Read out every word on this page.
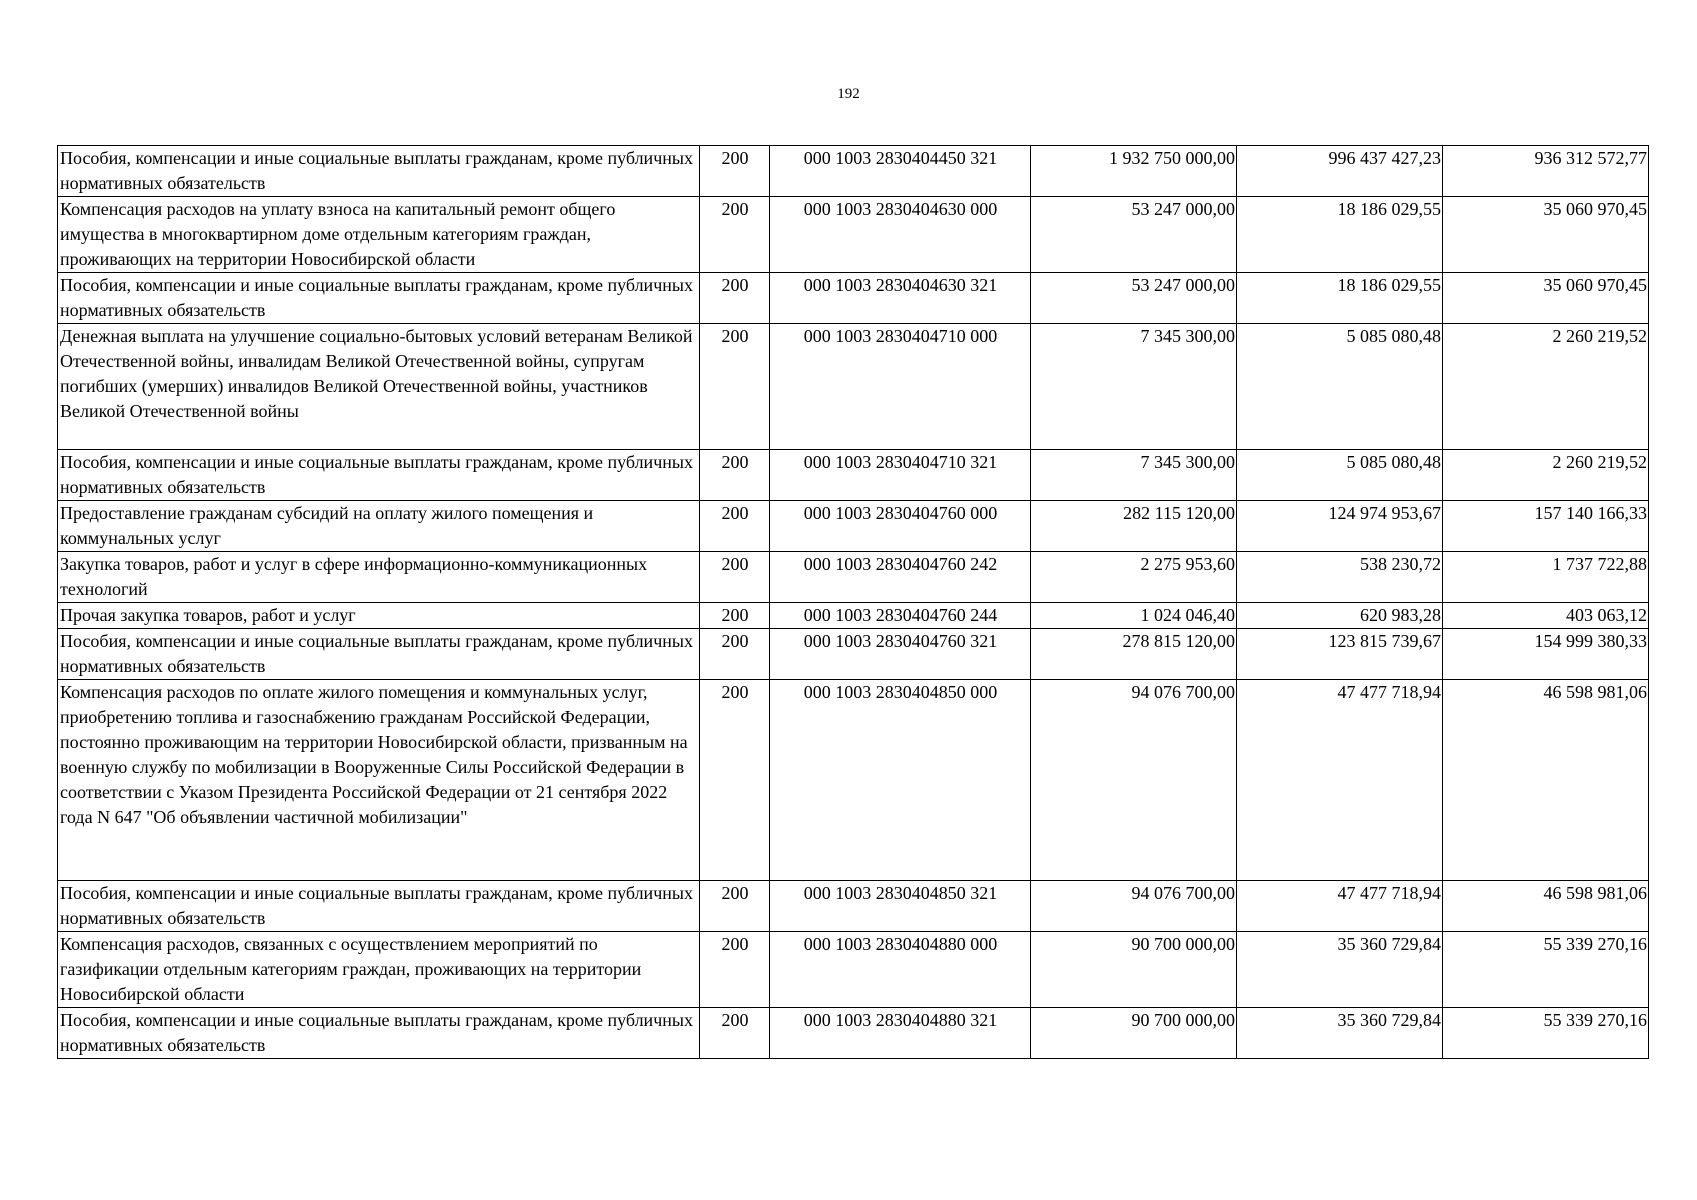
192
Пособия, компенсации и иные социальные выплаты гражданам, кроме публичных нормативных обязательств	200	000 1003 2830404450 321	1 932 750 000,00	996 437 427,23	936 312 572,77
Компенсация расходов на уплату взноса на капитальный ремонт общего имущества в многоквартирном доме отдельным категориям граждан, проживающих на территории Новосибирской области	200	000 1003 2830404630 000	53 247 000,00	18 186 029,55	35 060 970,45
Пособия, компенсации и иные социальные выплаты гражданам, кроме публичных нормативных обязательств	200	000 1003 2830404630 321	53 247 000,00	18 186 029,55	35 060 970,45
Денежная выплата на улучшение социально-бытовых условий ветеранам Великой Отечественной войны, инвалидам Великой Отечественной войны, супругам погибших (умерших) инвалидов Великой Отечественной войны, участников Великой Отечественной войны	200	000 1003 2830404710 000	7 345 300,00	5 085 080,48	2 260 219,52
Пособия, компенсации и иные социальные выплаты гражданам, кроме публичных нормативных обязательств	200	000 1003 2830404710 321	7 345 300,00	5 085 080,48	2 260 219,52
Предоставление гражданам субсидий на оплату жилого помещения и коммунальных услуг	200	000 1003 2830404760 000	282 115 120,00	124 974 953,67	157 140 166,33
Закупка товаров, работ и услуг в сфере информационно-коммуникационных технологий	200	000 1003 2830404760 242	2 275 953,60	538 230,72	1 737 722,88
Прочая закупка товаров, работ и услуг	200	000 1003 2830404760 244	1 024 046,40	620 983,28	403 063,12
Пособия, компенсации и иные социальные выплаты гражданам, кроме публичных нормативных обязательств	200	000 1003 2830404760 321	278 815 120,00	123 815 739,67	154 999 380,33
Компенсация расходов по оплате жилого помещения и коммунальных услуг, приобретению топлива и газоснабжению гражданам Российской Федерации, постоянно проживающим на территории Новосибирской области, призванным на военную службу по мобилизации в Вооруженные Силы Российской Федерации в соответствии с Указом Президента Российской Федерации от 21 сентября 2022 года N 647 "Об объявлении частичной мобилизации"	200	000 1003 2830404850 000	94 076 700,00	47 477 718,94	46 598 981,06
Пособия, компенсации и иные социальные выплаты гражданам, кроме публичных нормативных обязательств	200	000 1003 2830404850 321	94 076 700,00	47 477 718,94	46 598 981,06
Компенсация расходов, связанных с осуществлением мероприятий по газификации отдельным категориям граждан, проживающих на территории Новосибирской области	200	000 1003 2830404880 000	90 700 000,00	35 360 729,84	55 339 270,16
Пособия, компенсации и иные социальные выплаты гражданам, кроме публичных нормативных обязательств	200	000 1003 2830404880 321	90 700 000,00	35 360 729,84	55 339 270,16
